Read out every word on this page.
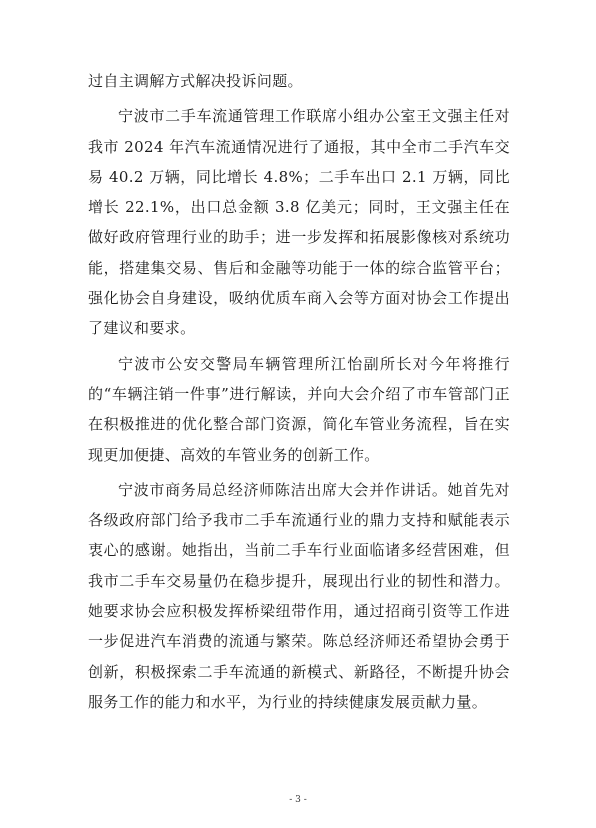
过自主调解方式解决投诉问题。

宁波市二手车流通管理工作联席小组办公室王文强主任对我市 2024 年汽车流通情况进行了通报，其中全市二手汽车交易 40.2 万辆，同比增长 4.8%；二手车出口 2.1 万辆，同比增长 22.1%，出口总金额 3.8 亿美元；同时，王文强主任在做好政府管理行业的助手；进一步发挥和拓展影像核对系统功能，搭建集交易、售后和金融等功能于一体的综合监管平台；强化协会自身建设，吸纳优质车商入会等方面对协会工作提出了建议和要求。

宁波市公安交警局车辆管理所江怡副所长对今年将推行的“车辆注销一件事”进行解读，并向大会介绍了市车管部门正在积极推进的优化整合部门资源，简化车管业务流程，旨在实现更加便捷、高效的车管业务的创新工作。

宁波市商务局总经济师陈洁出席大会并作讲话。她首先对各级政府部门给予我市二手车流通行业的鼎力支持和赋能表示衷心的感谢。她指出，当前二手车行业面临诸多经营困难，但我市二手车交易量仍在稳步提升，展现出行业的韧性和潜力。她要求协会应积极发挥桥梁纽带作用，通过招商引资等工作进一步促进汽车消费的流通与繁荣。陈总经济师还希望协会勇于创新，积极探索二手车流通的新模式、新路径，不断提升协会服务工作的能力和水平，为行业的持续健康发展贡献力量。

- 3 -
